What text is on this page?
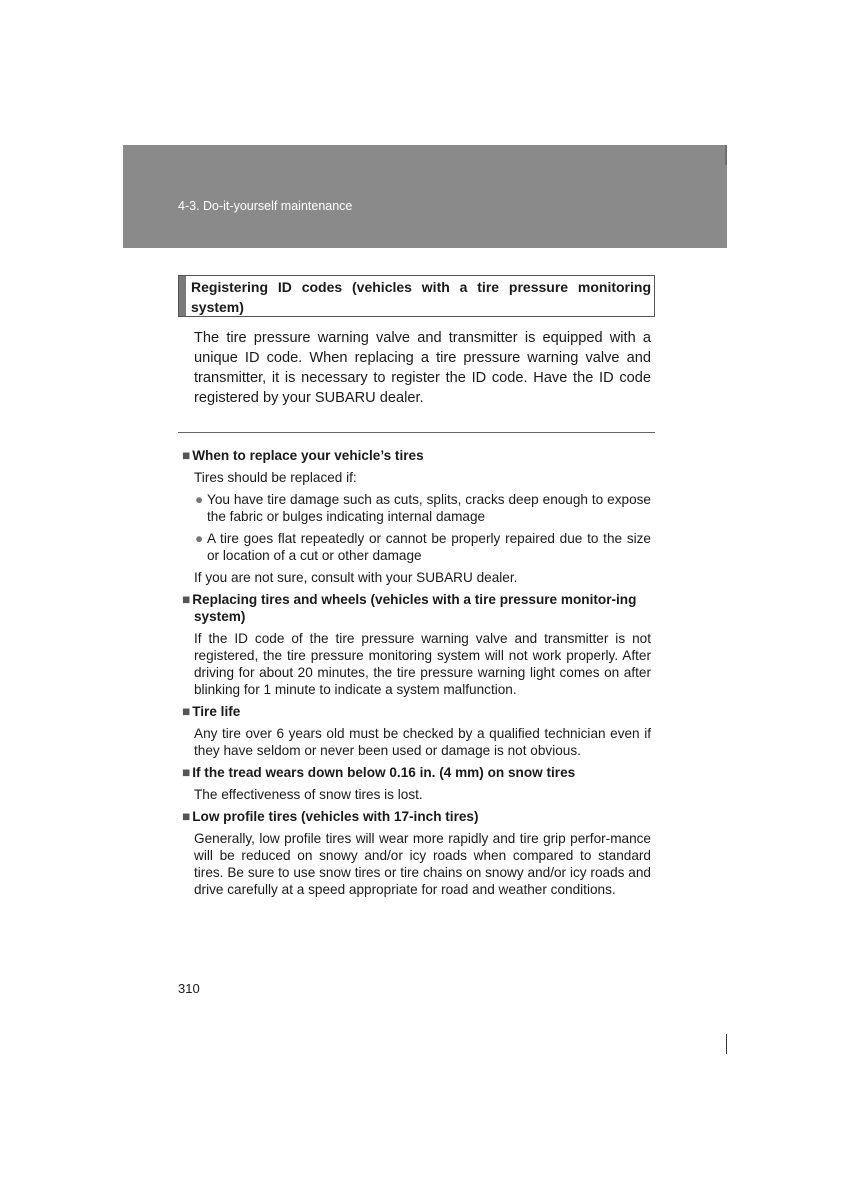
4-3. Do-it-yourself maintenance
Registering ID codes (vehicles with a tire pressure monitoring system)
The tire pressure warning valve and transmitter is equipped with a unique ID code. When replacing a tire pressure warning valve and transmitter, it is necessary to register the ID code. Have the ID code registered by your SUBARU dealer.
■ When to replace your vehicle’s tires
Tires should be replaced if:
● You have tire damage such as cuts, splits, cracks deep enough to expose the fabric or bulges indicating internal damage
● A tire goes flat repeatedly or cannot be properly repaired due to the size or location of a cut or other damage
If you are not sure, consult with your SUBARU dealer.
■ Replacing tires and wheels (vehicles with a tire pressure monitor-ing system)
If the ID code of the tire pressure warning valve and transmitter is not registered, the tire pressure monitoring system will not work properly. After driving for about 20 minutes, the tire pressure warning light comes on after blinking for 1 minute to indicate a system malfunction.
■ Tire life
Any tire over 6 years old must be checked by a qualified technician even if they have seldom or never been used or damage is not obvious.
■ If the tread wears down below 0.16 in. (4 mm) on snow tires
The effectiveness of snow tires is lost.
■ Low profile tires (vehicles with 17-inch tires)
Generally, low profile tires will wear more rapidly and tire grip perfor-mance will be reduced on snowy and/or icy roads when compared to standard tires. Be sure to use snow tires or tire chains on snowy and/or icy roads and drive carefully at a speed appropriate for road and weather conditions.
310
